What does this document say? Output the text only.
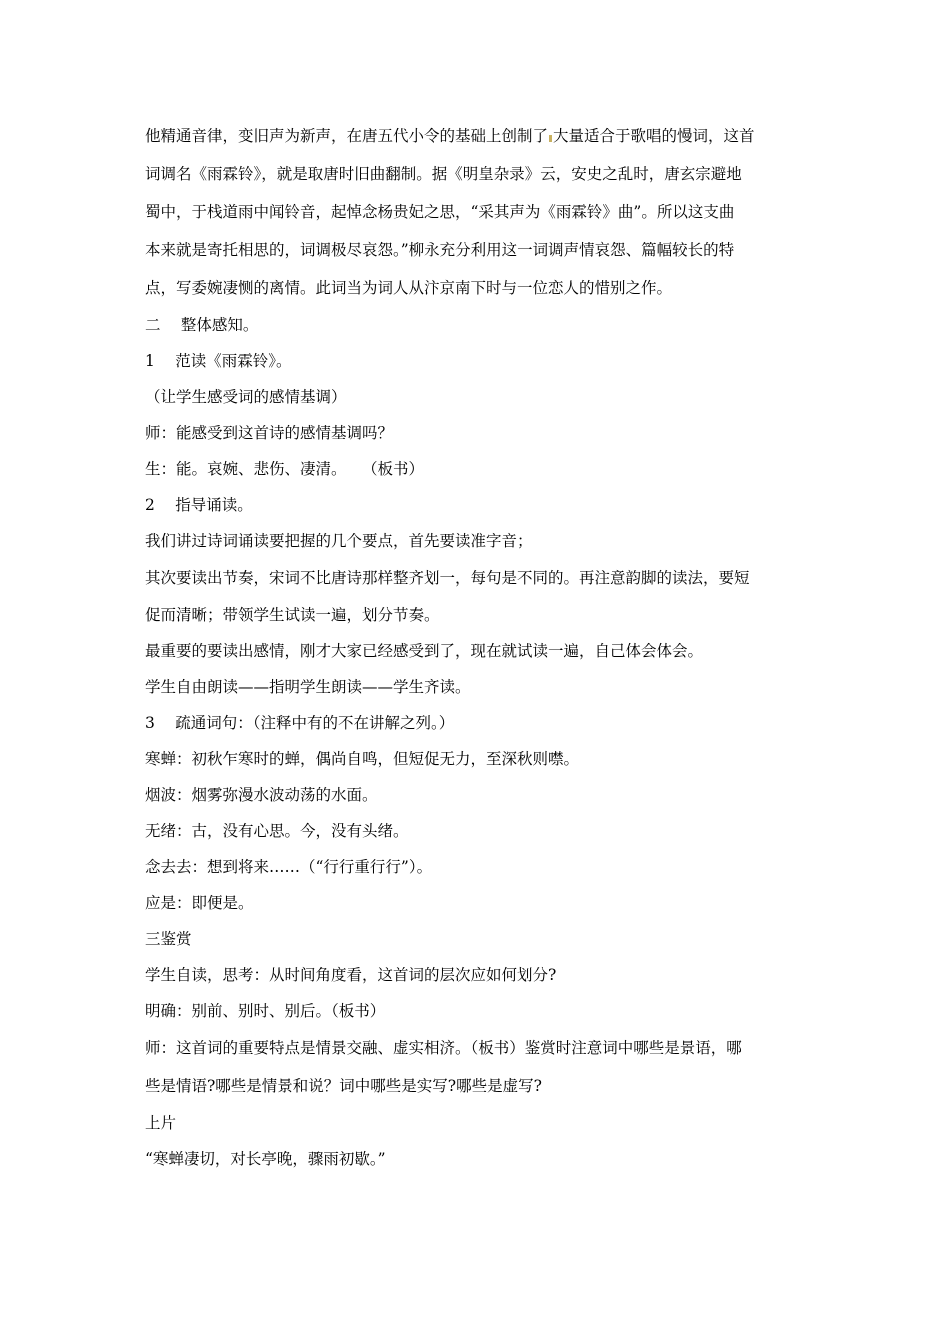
他精通音律，变旧声为新声，在唐五代小令的基础上创制了 大量适合于歌唱的慢词，这首
词调名《雨霖铃》，就是取唐时旧曲翻制。据《明皇杂录》云，安史之乱时，唐玄宗避地
蜀中，于栈道雨中闻铃音，起悼念杨贵妃之思，“采其声为《雨霖铃》曲”。所以这支曲
本来就是寄托相思的，词调极尽哀怨。”柳永充分利用这一词调声情哀怨、篇幅较长的特
点，写委婉凄恻的离情。此词当为词人从汴京南下时与一位恋人的惜别之作。
二　 整体感知。
1　 范读《雨霖铃》。
（让学生感受词的感情基调）
师：能感受到这首诗的感情基调吗？
生：能。哀婉、悲伤、凄清。　　（板书）
2　 指导诵读。
我们讲过诗词诵读要把握的几个要点，首先要读准字音；
其次要读出节奏，宋词不比唐诗那样整齐划一，每句是不同的。再注意韵脚的读法，要短
促而清晰；带领学生试读一遍，划分节奏。
最重要的要读出感情，刚才大家已经感受到了，现在就试读一遍，自己体会体会。
学生自由朗读——指明学生朗读——学生齐读。
3　 疏通词句：（注释中有的不在讲解之列。）
寒蝉：初秋乍寒时的蝉，偶尚自鸣，但短促无力，至深秋则噤。
烟波：烟雾弥漫水波动荡的水面。
无绪：古，没有心思。今，没有头绪。
念去去：想到将来……（“行行重行行”）。
应是：即便是。
三鉴赏
学生自读，思考：从时间角度看，这首词的层次应如何划分?
明确：别前、别时、别后。（板书）
师：这首词的重要特点是情景交融、虚实相济。（板书）鉴赏时注意词中哪些是景语，哪
些是情语?哪些是情景和说？词中哪些是实写?哪些是虚写?
上片
“寒蝉凄切，对长亭晚，骤雨初歇。”
